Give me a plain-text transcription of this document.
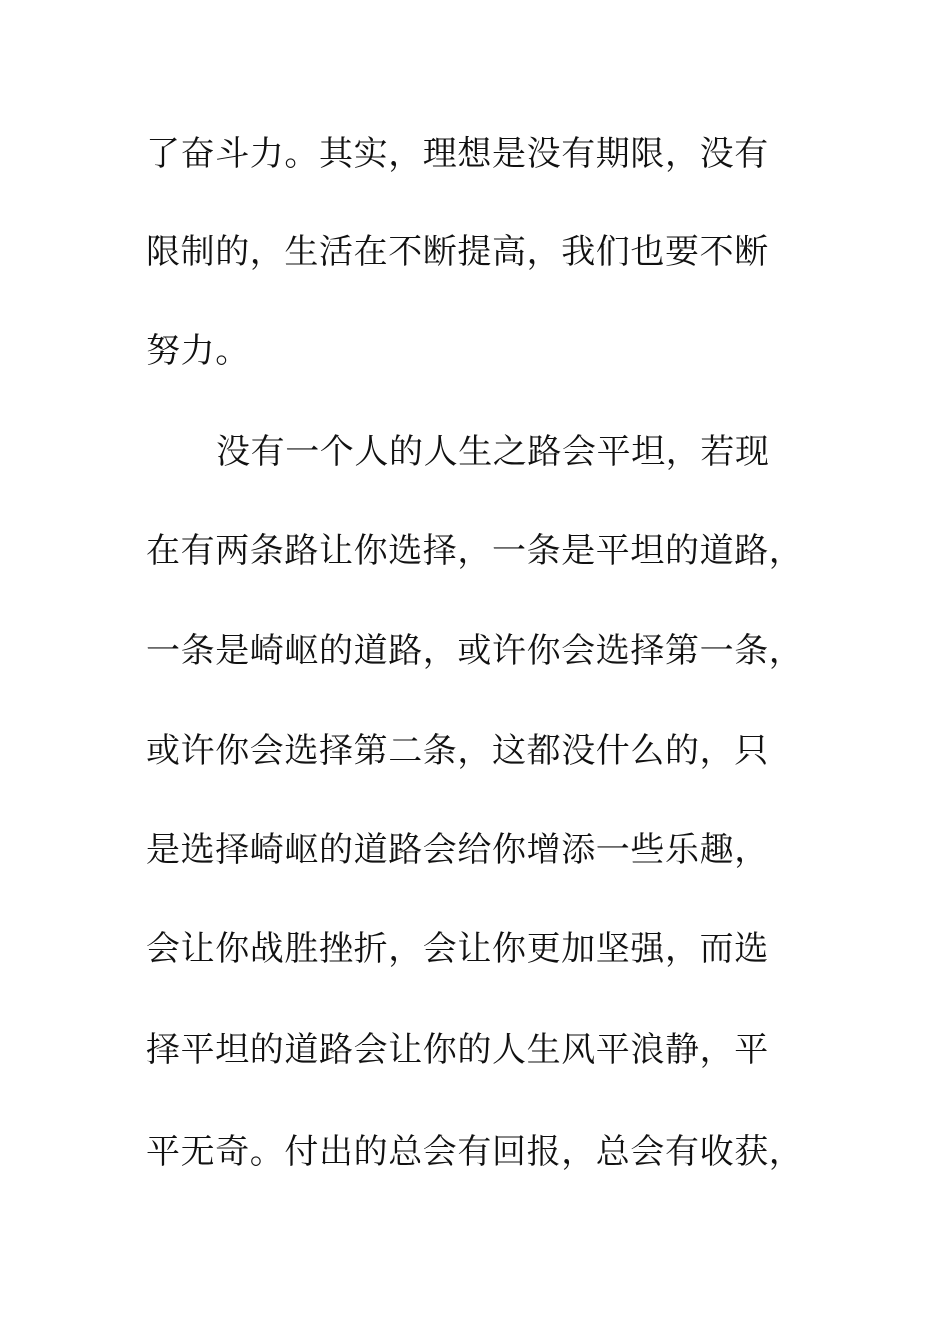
了奋斗力。其实，理想是没有期限，没有
限制的，生活在不断提高，我们也要不断
努力。
没有一个人的人生之路会平坦，若现
在有两条路让你选择，一条是平坦的道路，
一条是崎岖的道路，或许你会选择第一条，
或许你会选择第二条，这都没什么的，只
是选择崎岖的道路会给你增添一些乐趣，
会让你战胜挫折，会让你更加坚强，而选
择平坦的道路会让你的人生风平浪静，平
平无奇。付出的总会有回报，总会有收获，
